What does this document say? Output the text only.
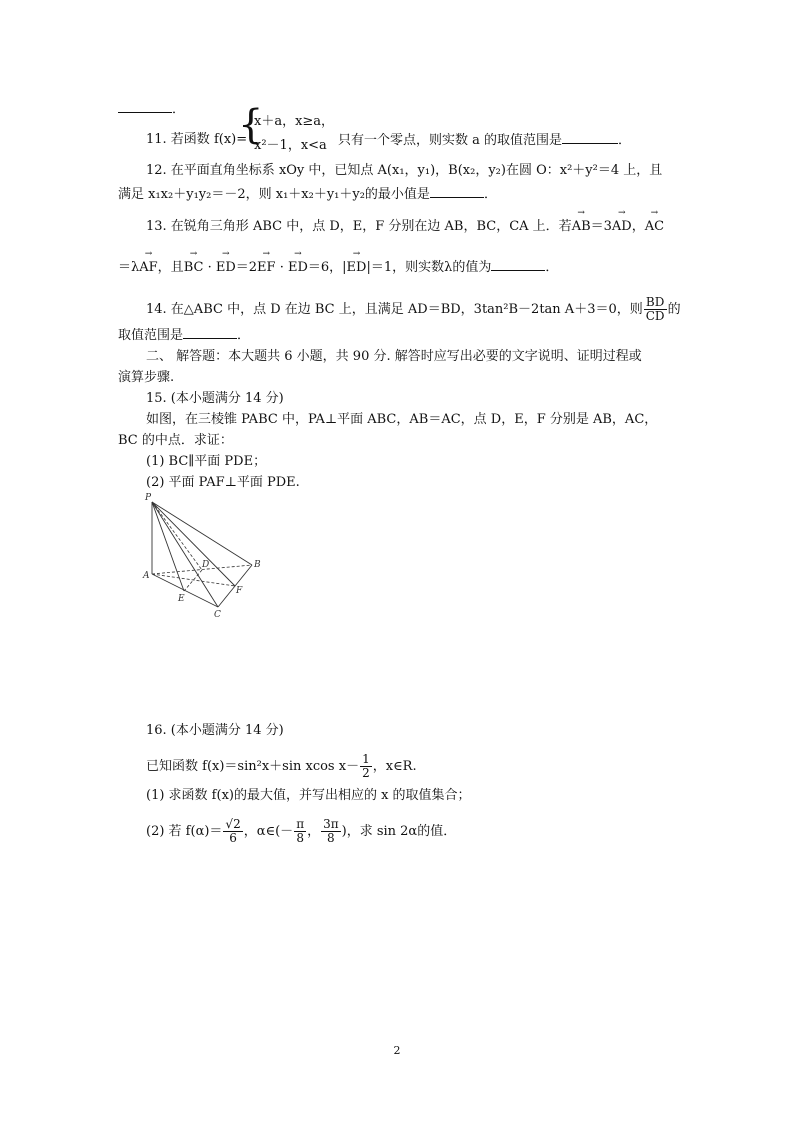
．
11. 若函数 f(x)=
{
x＋a，x≥a，
x²－1，x<a 只有一个零点，则实数 a 的取值范围是	．
12. 在平面直角坐标系 xOy 中，已知点 A(x₁，y₁)，B(x₂，y₂)在圆 O：x²＋y²＝4 上，且
满足 x₁x₂＋y₁y₂＝－2，则 x₁＋x₂＋y₁＋y₂的最小值是	．
13. 在锐角三角形 ABC 中，点 D，E，F 分别在边 AB，BC，CA 上．若→ AB＝3→ AD，→ AC
＝λ→ AF，且→ BC · → ED＝2→ EF · → ED＝6，|→ ED|＝1，则实数λ的值为	．
14. 在△ABC 中，点 D 在边 BC 上，且满足 AD＝BD，3tan²B－2tan A＋3＝0，则 $\frac{BD}{CD}$ 的
取值范围是	．
二、 解答题：本大题共 6 小题，共 90 分. 解答时应写出必要的文字说明、证明过程或
演算步骤.
15. (本小题满分 14 分)
如图，在三棱锥 PABC 中，PA⊥平面 ABC，AB＝AC，点 D，E，F 分别是 AB，AC，
BC 的中点．求证：
(1) BC∥平面 PDE；
(2) 平面 PAF⊥平面 PDE.
P
A
D	B
E
F
C
16. (本小题满分 14 分)
已知函数 f(x)＝sin²x＋sin xcos $x- \frac{1}{2}$ ，x∈R.
(1) 求函数 f(x)的最大值，并写出相应的 x 的取值集合；
(2) 若 $f(\alpha)= \frac{√2}{6}$ ，α∈(－ $\frac{\pi}{8}$ ， $\frac{3\pi}{8}$ )，求 sin 2α的值．
2
